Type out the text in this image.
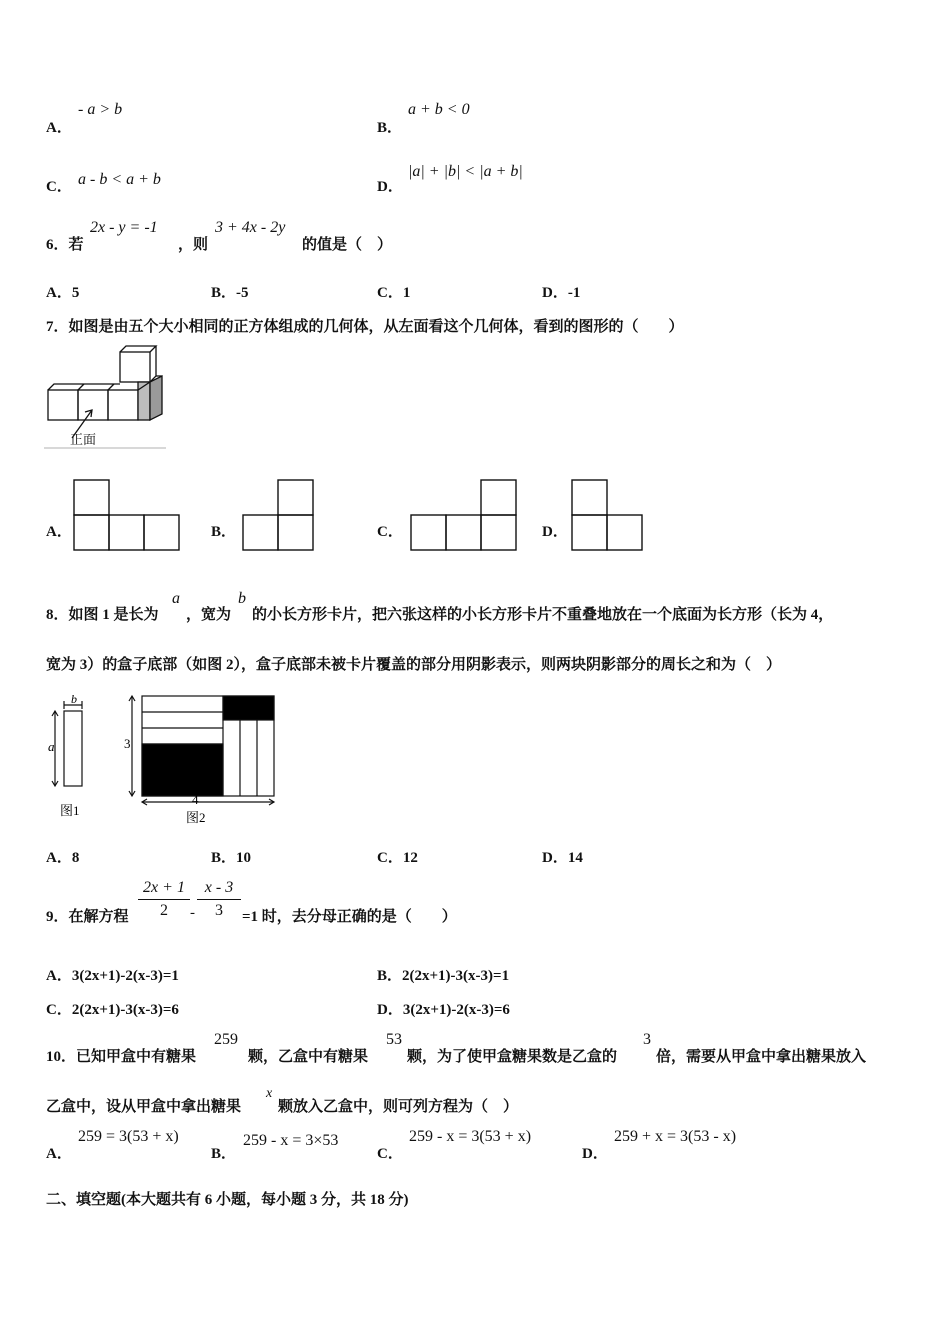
A．
- a > b
B．
a + b < 0
C． a - b < a + b	D．
|a| + |b| < |a + b|
6．若
2x - y = -1
，则
3 + 4x - 2y
的值是（　）
A．5	B．-5	C．1	D．-1
7．如图是由五个大小相同的正方体组成的几何体，从左面看这个几何体，看到的图形的（　　）
正面
A．	B．	C．	D．
8．如图 1 是长为
a
，宽为
b
的小长方形卡片，把六张这样的小长方形卡片不重叠地放在一个底面为长方形（长为 4，
宽为 3）的盒子底部（如图 2），盒子底部未被卡片覆盖的部分用阴影表示，则两块阴影部分的周长之和为（　）
b
a
图1
3
4
图2
A．8	B．10	C．12	D．14
9．在解方程
2x + 1
2	-
x - 3
3	=1 时，去分母正确的是（　　）
A．3(2x+1)-2(x-3)=1	B．2(2x+1)-3(x-3)=1
C．2(2x+1)-3(x-3)=6	D．3(2x+1)-2(x-3)=6
10．已知甲盒中有糖果
259
颗，乙盒中有糖果
53
颗，为了使甲盒糖果数是乙盒的
3
倍，需要从甲盒中拿出糖果放入
乙盒中，设从甲盒中拿出糖果
x
颗放入乙盒中，则可列方程为（　）
A．
259 = 3(53 + x)
B．
259 - x = 3×53
C．
259 - x = 3(53 + x)
D．
259 + x = 3(53 - x)
二、填空题(本大题共有 6 小题，每小题 3 分，共 18 分)
